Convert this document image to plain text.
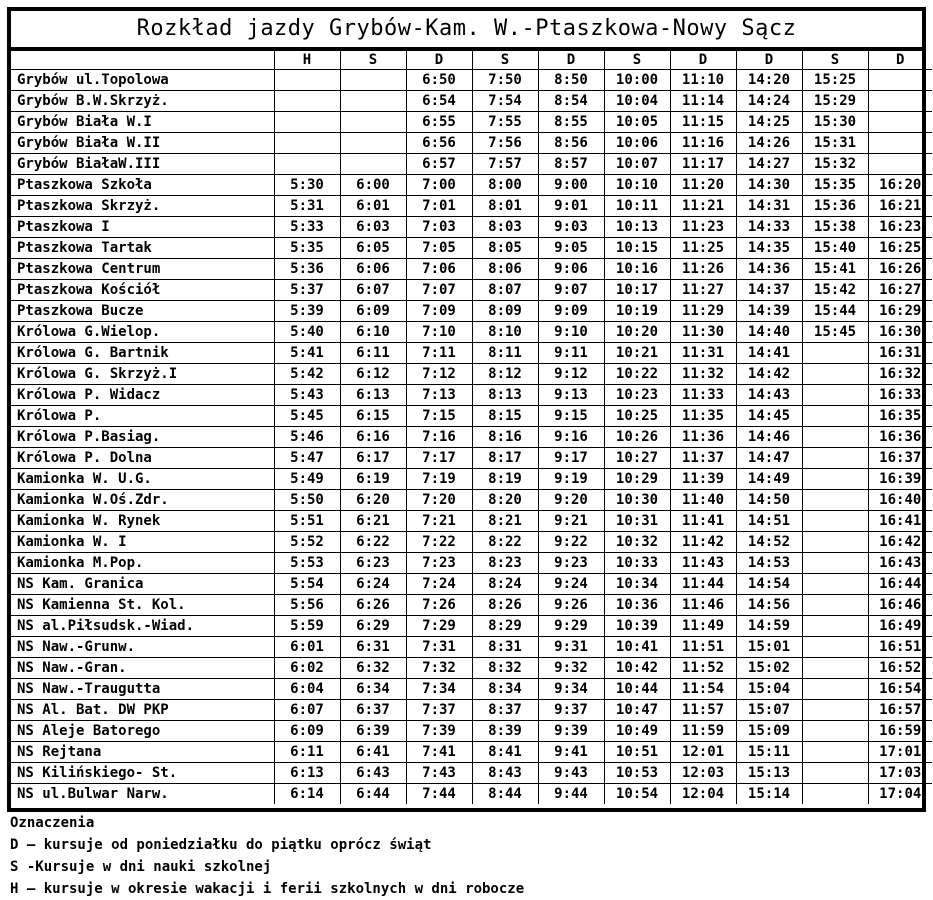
Rozkład jazdy Grybów-Kam. W.-Ptaszkowa-Nowy Sącz
	H	S	D	S	D	S	D	D	S	D
Grybów ul.Topolowa			6:50	7:50	8:50	10:00	11:10	14:20	15:25	
Grybów B.W.Skrzyż.			6:54	7:54	8:54	10:04	11:14	14:24	15:29	
Grybów Biała W.I			6:55	7:55	8:55	10:05	11:15	14:25	15:30	
Grybów Biała W.II			6:56	7:56	8:56	10:06	11:16	14:26	15:31	
Grybów BiałaW.III			6:57	7:57	8:57	10:07	11:17	14:27	15:32	
Ptaszkowa Szkoła	5:30	6:00	7:00	8:00	9:00	10:10	11:20	14:30	15:35	16:20
Ptaszkowa Skrzyż.	5:31	6:01	7:01	8:01	9:01	10:11	11:21	14:31	15:36	16:21
Ptaszkowa I	5:33	6:03	7:03	8:03	9:03	10:13	11:23	14:33	15:38	16:23
Ptaszkowa Tartak	5:35	6:05	7:05	8:05	9:05	10:15	11:25	14:35	15:40	16:25
Ptaszkowa Centrum	5:36	6:06	7:06	8:06	9:06	10:16	11:26	14:36	15:41	16:26
Ptaszkowa Kościół	5:37	6:07	7:07	8:07	9:07	10:17	11:27	14:37	15:42	16:27
Ptaszkowa Bucze	5:39	6:09	7:09	8:09	9:09	10:19	11:29	14:39	15:44	16:29
Królowa G.Wielop.	5:40	6:10	7:10	8:10	9:10	10:20	11:30	14:40	15:45	16:30
Królowa G. Bartnik	5:41	6:11	7:11	8:11	9:11	10:21	11:31	14:41		16:31
Królowa G. Skrzyż.I	5:42	6:12	7:12	8:12	9:12	10:22	11:32	14:42		16:32
Królowa P. Widacz	5:43	6:13	7:13	8:13	9:13	10:23	11:33	14:43		16:33
Królowa P.	5:45	6:15	7:15	8:15	9:15	10:25	11:35	14:45		16:35
Królowa P.Basiag.	5:46	6:16	7:16	8:16	9:16	10:26	11:36	14:46		16:36
Królowa P. Dolna	5:47	6:17	7:17	8:17	9:17	10:27	11:37	14:47		16:37
Kamionka W. U.G.	5:49	6:19	7:19	8:19	9:19	10:29	11:39	14:49		16:39
Kamionka W.Oś.Zdr.	5:50	6:20	7:20	8:20	9:20	10:30	11:40	14:50		16:40
Kamionka W. Rynek	5:51	6:21	7:21	8:21	9:21	10:31	11:41	14:51		16:41
Kamionka W. I	5:52	6:22	7:22	8:22	9:22	10:32	11:42	14:52		16:42
Kamionka M.Pop.	5:53	6:23	7:23	8:23	9:23	10:33	11:43	14:53		16:43
NS Kam. Granica	5:54	6:24	7:24	8:24	9:24	10:34	11:44	14:54		16:44
NS Kamienna St. Kol.	5:56	6:26	7:26	8:26	9:26	10:36	11:46	14:56		16:46
NS al.Piłsudsk.-Wiad.	5:59	6:29	7:29	8:29	9:29	10:39	11:49	14:59		16:49
NS Naw.-Grunw.	6:01	6:31	7:31	8:31	9:31	10:41	11:51	15:01		16:51
NS Naw.-Gran.	6:02	6:32	7:32	8:32	9:32	10:42	11:52	15:02		16:52
NS Naw.-Traugutta	6:04	6:34	7:34	8:34	9:34	10:44	11:54	15:04		16:54
NS Al. Bat. DW PKP	6:07	6:37	7:37	8:37	9:37	10:47	11:57	15:07		16:57
NS Aleje Batorego	6:09	6:39	7:39	8:39	9:39	10:49	11:59	15:09		16:59
NS Rejtana	6:11	6:41	7:41	8:41	9:41	10:51	12:01	15:11		17:01
NS Kilińskiego- St.	6:13	6:43	7:43	8:43	9:43	10:53	12:03	15:13		17:03
NS ul.Bulwar Narw.	6:14	6:44	7:44	8:44	9:44	10:54	12:04	15:14		17:04
Oznaczenia
D – kursuje od poniedziałku do piątku oprócz świąt
S -Kursuje w dni nauki szkolnej
H – kursuje w okresie wakacji i ferii szkolnych w dni robocze
